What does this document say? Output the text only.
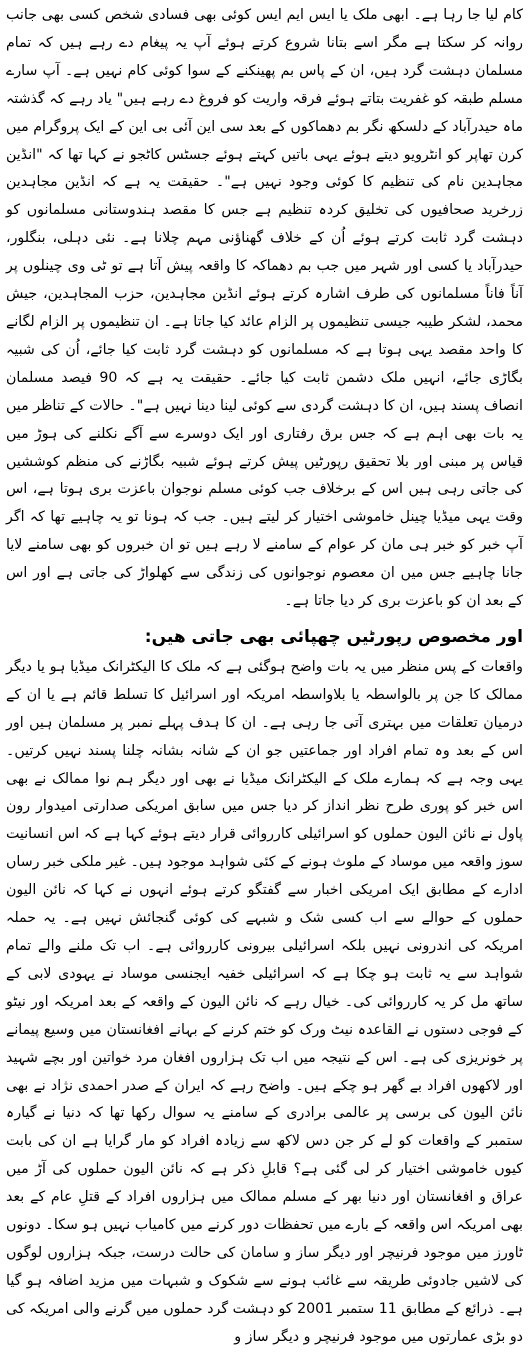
کام لیا جا رہا ہے۔ ابھی ملک یا ایس ایم ایس کوئی بھی فسادی شخص کسی بھی جانب روانہ کر سکتا ہے مگر اسے بتانا شروع کرتے ہوئے آپ یہ پیغام دے رہے ہیں کہ تمام مسلمان دہشت گرد ہیں، ان کے پاس بم پھینکنے کے سوا کوئی کام نہیں ہے۔ آپ سارے مسلم طبقہ کو غفریت بتاتے ہوئے فرقہ واریت کو فروغ دے رہے ہیں" یاد رہے کہ گذشتہ ماہ حیدرآباد کے دلسکھ نگر بم دھماکوں کے بعد سی این آئی بی این کے ایک پروگرام میں کرن تھاپر کو انٹرویو دیتے ہوئے یہی باتیں کہتے ہوئے جسٹس کاٹجو نے کہا تھا کہ "انڈین مجاہدین نام کی تنظیم کا کوئی وجود نہیں ہے"۔ حقیقت یہ ہے کہ انڈین مجاہدین زرخرید صحافیوں کی تخلیق کردہ تنظیم ہے جس کا مقصد ہندوستانی مسلمانوں کو دہشت گرد ثابت کرتے ہوئے اُن کے خلاف گھناؤنی مہم چلانا ہے۔ نئی دہلی، بنگلور، حیدرآباد یا کسی اور شہر میں جب بم دھماکہ کا واقعہ پیش آتا ہے تو ٹی وی چینلوں پر آناً فاناً مسلمانوں کی طرف اشارہ کرتے ہوئے انڈین مجاہدین، حزب المجاہدین، جیش محمد، لشکر طیبہ جیسی تنظیموں پر الزام عائد کیا جاتا ہے۔ ان تنظیموں پر الزام لگانے کا واحد مقصد یہی ہوتا ہے کہ مسلمانوں کو دہشت گرد ثابت کیا جائے، اُن کی شبیہ بگاڑی جائے، انہیں ملک دشمن ثابت کیا جائے۔ حقیقت یہ ہے کہ 90 فیصد مسلمان انصاف پسند ہیں، ان کا دہشت گردی سے کوئی لینا دینا نہیں ہے"۔ حالات کے تناظر میں یہ بات بھی اہم ہے کہ جس برق رفتاری اور ایک دوسرے سے آگے نکلنے کی ہوڑ میں قیاس پر مبنی اور بلا تحقیق رپورٹیں پیش کرتے ہوئے شبیہ بگاڑنے کی منظم کوششیں کی جاتی رہی ہیں اس کے برخلاف جب کوئی مسلم نوجوان باعزت بری ہوتا ہے، اس وقت یہی میڈیا چینل خاموشی اختیار کر لیتے ہیں۔ جب کہ ہونا تو یہ چاہیے تھا کہ اگر آپ خبر کو خبر ہی مان کر عوام کے سامنے لا رہے ہیں تو ان خبروں کو بھی سامنے لایا جانا چاہیے جس میں ان معصوم نوجوانوں کی زندگی سے کھلواڑ کی جاتی ہے اور اس کے بعد ان کو باعزت بری کر دیا جاتا ہے۔

اور مخصوص رپورٹیں چھپائی بھی جاتی ھیں:

واقعات کے پس منظر میں یہ بات واضح ہوگئی ہے کہ ملک کا الیکٹرانک میڈیا ہو یا دیگر ممالک کا جن پر بالواسطہ یا بلاواسطہ امریکہ اور اسرائیل کا تسلط قائم ہے یا ان کے درمیان تعلقات میں بہتری آتی جا رہی ہے۔ ان کا ہدف پہلے نمبر پر مسلمان ہیں اور اس کے بعد وہ تمام افراد اور جماعتیں جو ان کے شانہ بشانہ چلنا پسند نہیں کرتیں۔ یہی وجہ ہے کہ ہمارے ملک کے الیکٹرانک میڈیا نے بھی اور دیگر ہم نوا ممالک نے بھی اس خبر کو پوری طرح نظر انداز کر دیا جس میں سابق امریکی صدارتی امیدوار رون پاول نے نائن الیون حملوں کو اسرائیلی کارروائی قرار دیتے ہوئے کہا ہے کہ اس انسانیت سوز واقعہ میں موساد کے ملوث ہونے کے کئی شواہد موجود ہیں۔ غیر ملکی خبر رساں ادارے کے مطابق ایک امریکی اخبار سے گفتگو کرتے ہوئے انہوں نے کہا کہ نائن الیون حملوں کے حوالے سے اب کسی شک و شبہے کی کوئی گنجائش نہیں ہے۔ یہ حملہ امریکہ کی اندرونی نہیں بلکہ اسرائیلی بیرونی کارروائی ہے۔ اب تک ملنے والے تمام شواہد سے یہ ثابت ہو چکا ہے کہ اسرائیلی خفیہ ایجنسی موساد نے یہودی لابی کے ساتھ مل کر یہ کارروائی کی۔ خیال رہے کہ نائن الیون کے واقعہ کے بعد امریکہ اور نیٹو کے فوجی دستوں نے القاعدہ نیٹ ورک کو ختم کرنے کے بہانے افغانستان میں وسیع پیمانے پر خونریزی کی ہے۔ اس کے نتیجہ میں اب تک ہزاروں افغان مرد خواتین اور بچے شہید اور لاکھوں افراد بے گھر ہو چکے ہیں۔ واضح رہے کہ ایران کے صدر احمدی نژاد نے بھی نائن الیون کی برسی پر عالمی برادری کے سامنے یہ سوال رکھا تھا کہ دنیا نے گیارہ ستمبر کے واقعات کو لے کر جن دس لاکھ سے زیادہ افراد کو مار گرایا ہے ان کی بابت کیوں خاموشی اختیار کر لی گئی ہے؟ قابلِ ذکر ہے کہ نائن الیون حملوں کی آڑ میں عراق و افغانستان اور دنیا بھر کے مسلم ممالک میں ہزاروں افراد کے قتلِ عام کے بعد بھی امریکہ اس واقعہ کے بارے میں تحفظات دور کرنے میں کامیاب نہیں ہو سکا۔ دونوں ٹاورز میں موجود فرنیچر اور دیگر ساز و سامان کی حالت درست، جبکہ ہزاروں لوگوں کی لاشیں جادوئی طریقہ سے غائب ہونے سے شکوک و شبہات میں مزید اضافہ ہو گیا ہے۔ ذرائع کے مطابق 11 ستمبر 2001 کو دہشت گرد حملوں میں گرنے والی امریکہ کی دو بڑی عمارتوں میں موجود فرنیچر و دیگر ساز و
